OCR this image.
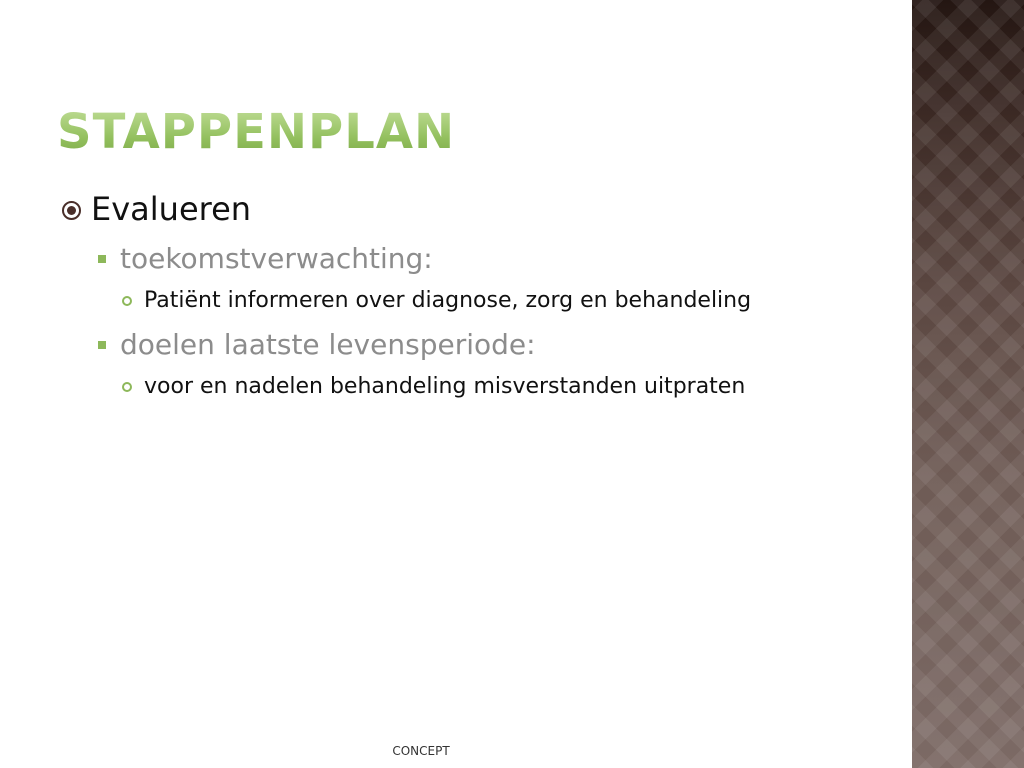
STAPPENPLAN
Evalueren
toekomstverwachting:
Patiënt informeren over diagnose, zorg en behandeling
doelen laatste levensperiode:
voor en nadelen behandeling misverstanden uitpraten
CONCEPT
